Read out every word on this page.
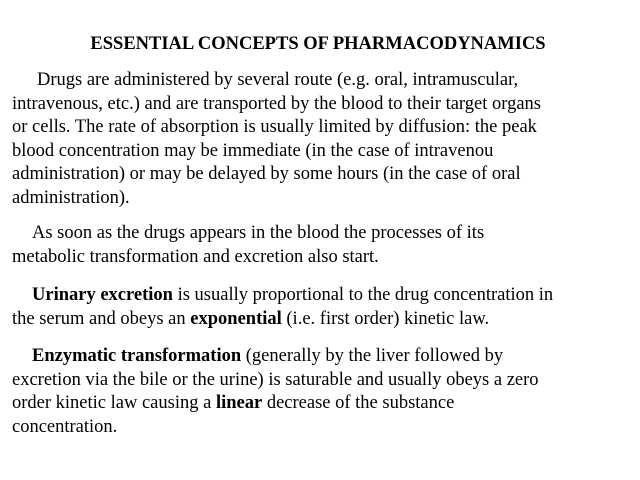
ESSENTIAL CONCEPTS OF PHARMACODYNAMICS
Drugs are administered by several route (e.g. oral, intramuscular,
intravenous, etc.) and are transported by the blood to their target organs
or cells. The rate of absorption is usually limited by diffusion: the peak
blood concentration may be immediate (in the case of intravenou
administration) or may be delayed by some hours (in the case of oral
administration).
As soon as the drugs appears in the blood the processes of its
metabolic transformation and excretion also start.
Urinary excretion is usually proportional to the drug concentration in
the serum and obeys an exponential (i.e. first order) kinetic law.
Enzymatic transformation (generally by the liver followed by
excretion via the bile or the urine) is saturable and usually obeys a zero
order kinetic law causing a linear decrease of the substance
concentration.
